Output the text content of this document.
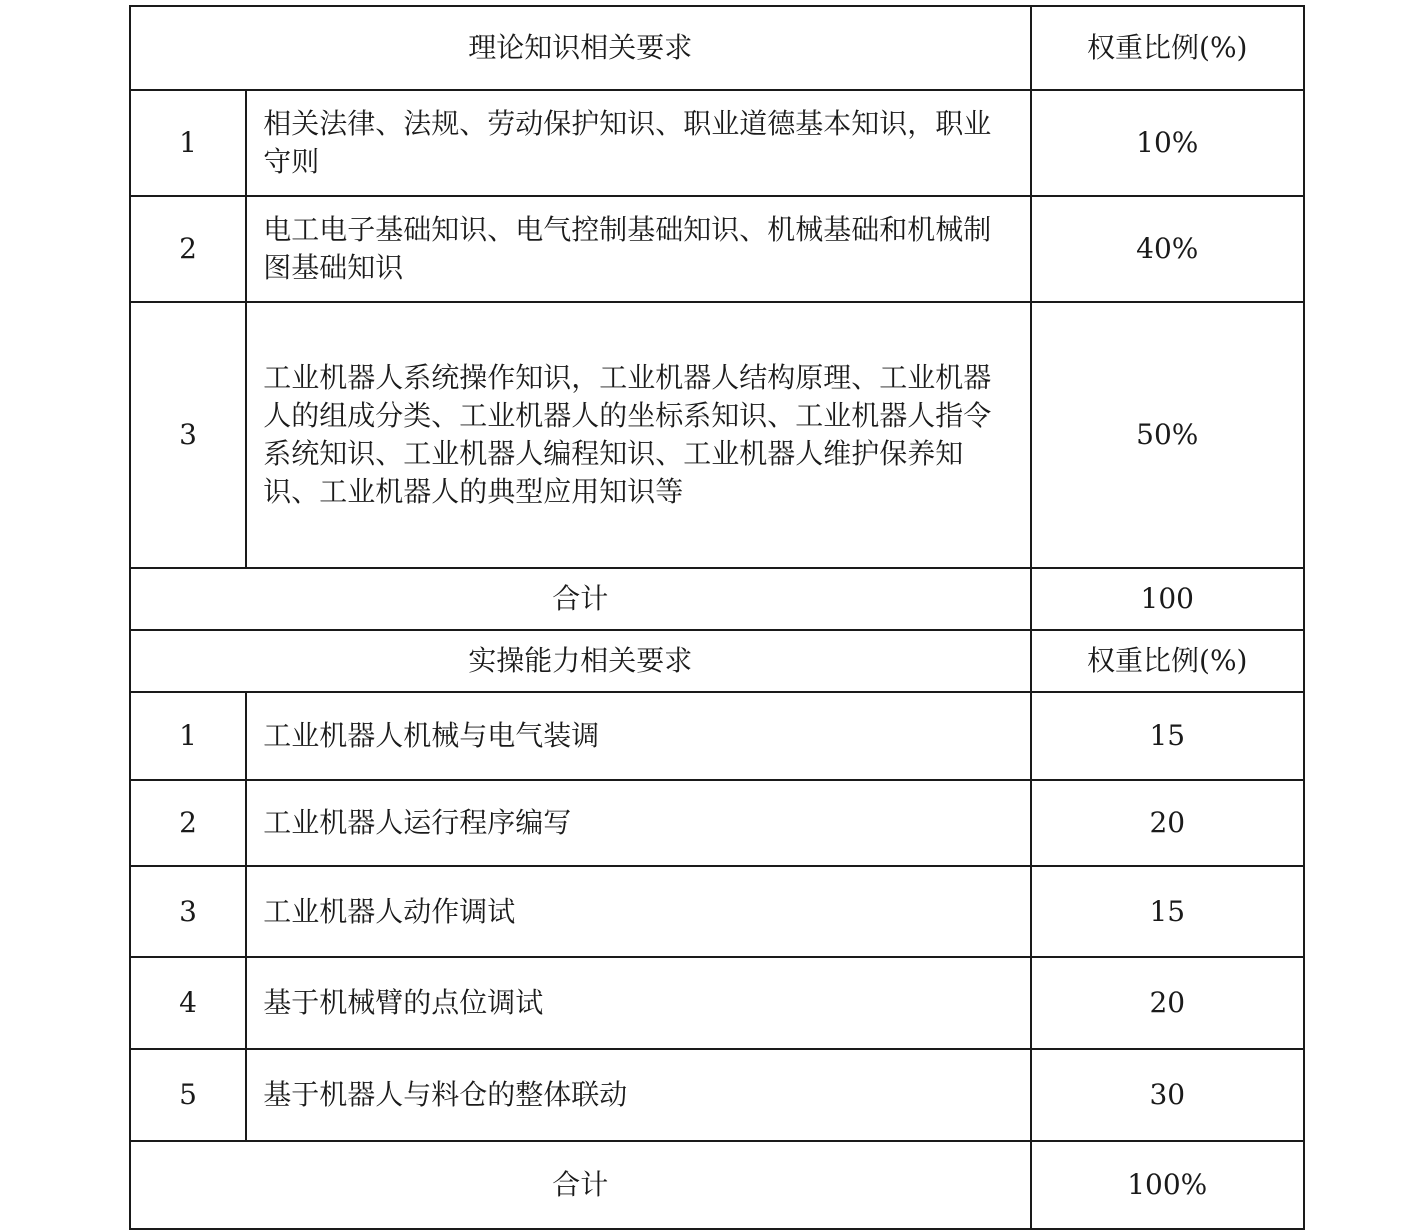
理论知识相关要求		权重比例(%)
1	相关法律、法规、劳动保护知识、职业道德基本知识，职业守则	10%
2	电工电子基础知识、电气控制基础知识、机械基础和机械制图基础知识	40%
3	工业机器人系统操作知识，工业机器人结构原理、工业机器人的组成分类、工业机器人的坐标系知识、工业机器人指令系统知识、工业机器人编程知识、工业机器人维护保养知识、工业机器人的典型应用知识等	50%
合计		100
实操能力相关要求		权重比例(%)
1	工业机器人机械与电气装调	15
2	工业机器人运行程序编写	20
3	工业机器人动作调试	15
4	基于机械臂的点位调试	20
5	基于机器人与料仓的整体联动	30
合计		100%
